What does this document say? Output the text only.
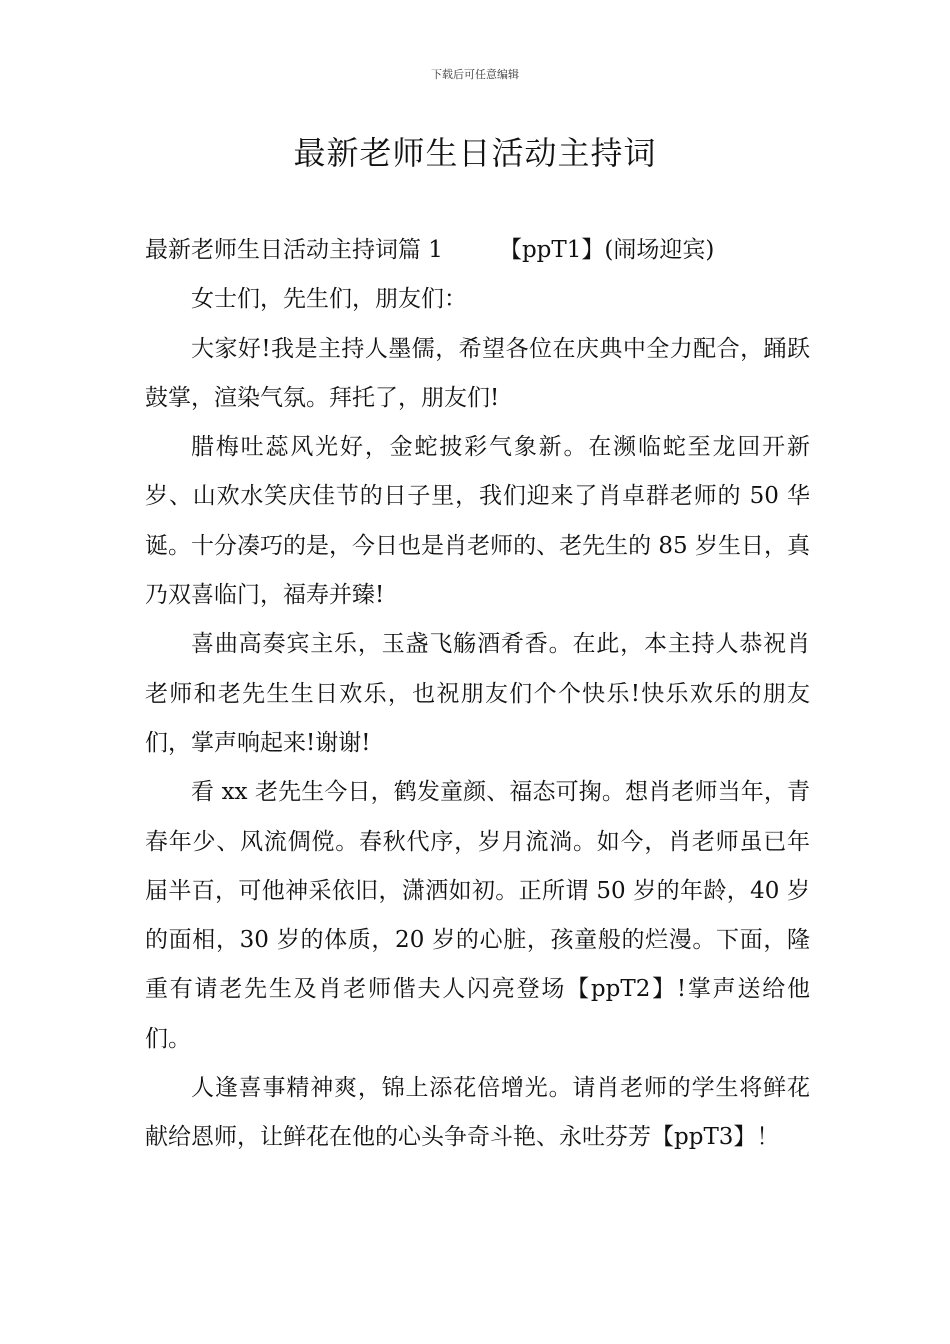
下载后可任意编辑
最新老师生日活动主持词

最新老师生日活动主持词篇 1 【ppT1】(闹场迎宾)

女士们，先生们，朋友们：

大家好!我是主持人墨儒，希望各位在庆典中全力配合，踊跃鼓掌，渲染气氛。拜托了，朋友们!

腊梅吐蕊风光好，金蛇披彩气象新。在濒临蛇至龙回开新岁、山欢水笑庆佳节的日子里，我们迎来了肖卓群老师的 50 华诞。十分凑巧的是，今日也是肖老师的、老先生的 85 岁生日，真乃双喜临门，福寿并臻!

喜曲高奏宾主乐，玉盏飞觞酒肴香。在此，本主持人恭祝肖老师和老先生生日欢乐，也祝朋友们个个快乐!快乐欢乐的朋友们，掌声响起来!谢谢!

看 xx 老先生今日，鹤发童颜、福态可掬。想肖老师当年，青春年少、风流倜傥。春秋代序，岁月流淌。如今，肖老师虽已年届半百，可他神采依旧，潇洒如初。正所谓 50 岁的年龄，40 岁的面相，30 岁的体质，20 岁的心脏，孩童般的烂漫。下面，隆重有请老先生及肖老师偕夫人闪亮登场【ppT2】!掌声送给他们。

人逢喜事精神爽，锦上添花倍增光。请肖老师的学生将鲜花献给恩师，让鲜花在他的心头争奇斗艳、永吐芬芳【ppT3】！
